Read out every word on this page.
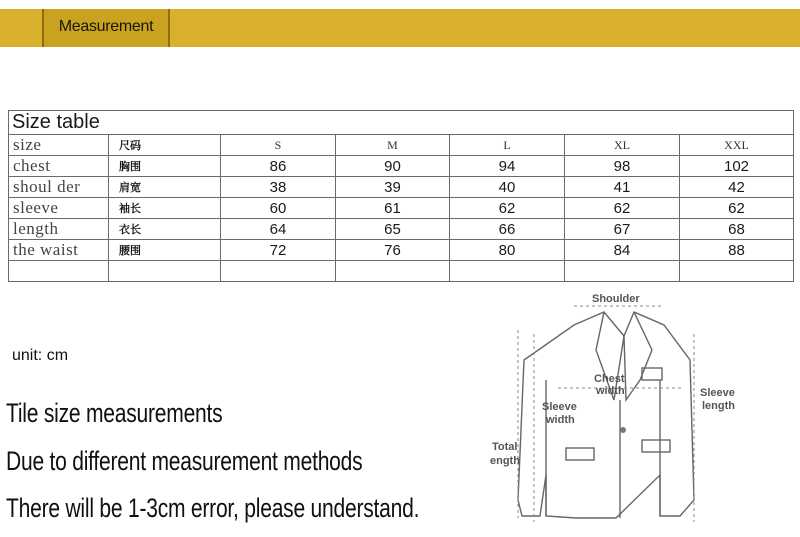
Measurement
Size table						
size	尺码	S	M	L	XL	XXL
chest	胸围	86	90	94	98	102
shoul der	肩宽	38	39	40	41	42
sleeve	袖长	60	61	62	62	62
length	衣长	64	65	66	67	68
the waist	腰围	72	76	80	84	88

unit: cm
Tile size measurements
Due to different measurement methods
There will be 1-3cm error, please understand.
Shoulder
Chest
width
Sleeve
width
Sleeve
length
Total
ength
